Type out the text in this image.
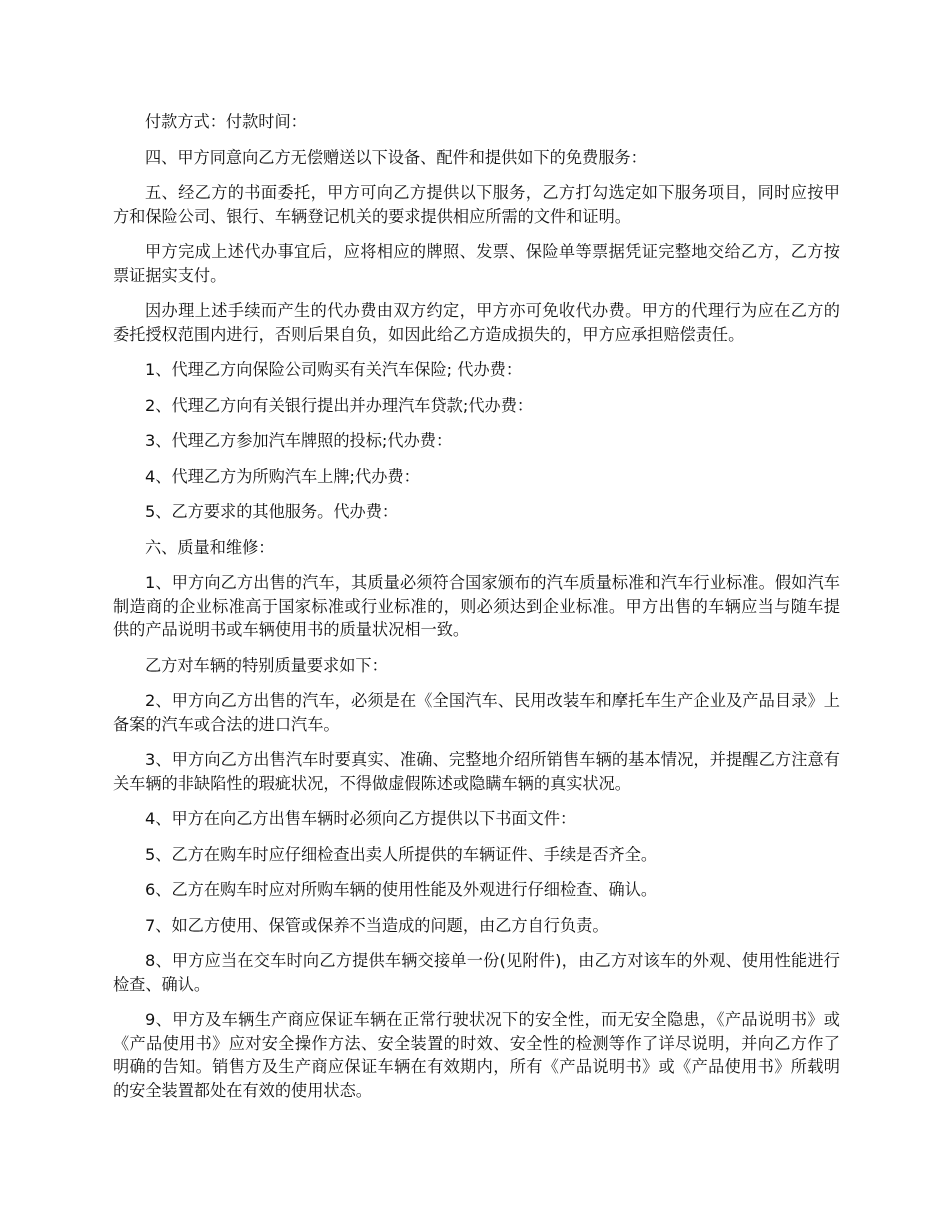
付款方式：付款时间：

四、甲方同意向乙方无偿赠送以下设备、配件和提供如下的免费服务：

五、经乙方的书面委托，甲方可向乙方提供以下服务，乙方打勾选定如下服务项目，同时应按甲方和保险公司、银行、车辆登记机关的要求提供相应所需的文件和证明。

甲方完成上述代办事宜后，应将相应的牌照、发票、保险单等票据凭证完整地交给乙方，乙方按票证据实支付。

因办理上述手续而产生的代办费由双方约定，甲方亦可免收代办费。甲方的代理行为应在乙方的委托授权范围内进行，否则后果自负，如因此给乙方造成损失的，甲方应承担赔偿责任。

1、代理乙方向保险公司购买有关汽车保险; 代办费：

2、代理乙方向有关银行提出并办理汽车贷款;代办费：

3、代理乙方参加汽车牌照的投标;代办费：

4、代理乙方为所购汽车上牌;代办费：

5、乙方要求的其他服务。代办费：

六、质量和维修：

1、甲方向乙方出售的汽车，其质量必须符合国家颁布的汽车质量标准和汽车行业标准。假如汽车制造商的企业标准高于国家标准或行业标准的，则必须达到企业标准。甲方出售的车辆应当与随车提供的产品说明书或车辆使用书的质量状况相一致。

乙方对车辆的特别质量要求如下：

2、甲方向乙方出售的汽车，必须是在《全国汽车、民用改装车和摩托车生产企业及产品目录》上备案的汽车或合法的进口汽车。

3、甲方向乙方出售汽车时要真实、准确、完整地介绍所销售车辆的基本情况，并提醒乙方注意有关车辆的非缺陷性的瑕疵状况，不得做虚假陈述或隐瞒车辆的真实状况。

4、甲方在向乙方出售车辆时必须向乙方提供以下书面文件：

5、乙方在购车时应仔细检查出卖人所提供的车辆证件、手续是否齐全。

6、乙方在购车时应对所购车辆的使用性能及外观进行仔细检查、确认。

7、如乙方使用、保管或保养不当造成的问题，由乙方自行负责。

8、甲方应当在交车时向乙方提供车辆交接单一份(见附件)，由乙方对该车的外观、使用性能进行检查、确认。

9、甲方及车辆生产商应保证车辆在正常行驶状况下的安全性，而无安全隐患，《产品说明书》或《产品使用书》应对安全操作方法、安全装置的时效、安全性的检测等作了详尽说明，并向乙方作了明确的告知。销售方及生产商应保证车辆在有效期内，所有《产品说明书》或《产品使用书》所载明的安全装置都处在有效的使用状态。
